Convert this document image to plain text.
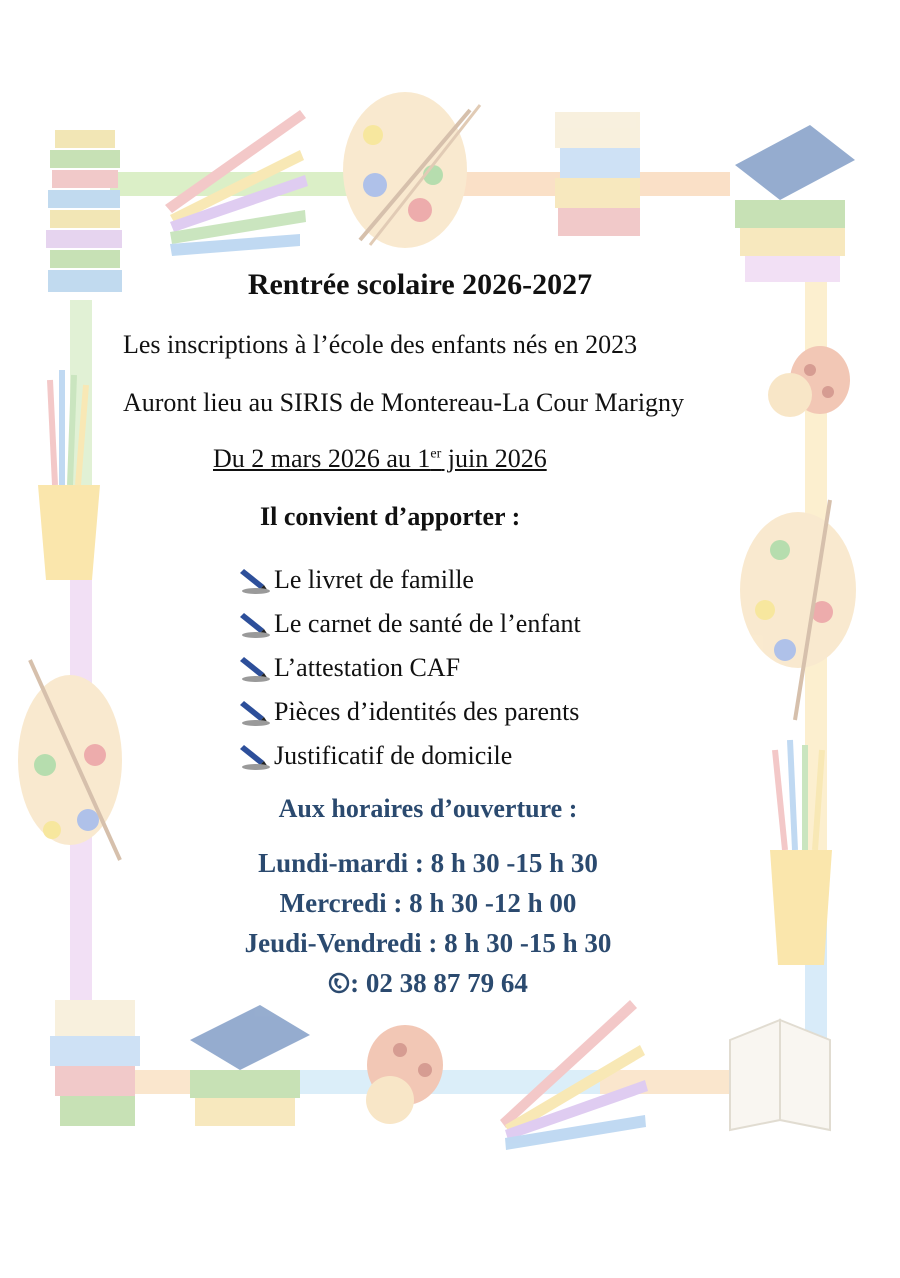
Rentrée scolaire 2026-2027

Les inscriptions à l’école des enfants nés en 2023

Auront lieu au SIRIS de Montereau-La Cour Marigny

Du 2 mars 2026 au 1er juin 2026

Il convient d’apporter :

Le livret de famille
Le carnet de santé de l’enfant
L’attestation CAF
Pièces d’identités des parents
Justificatif de domicile

Aux horaires d’ouverture :

Lundi-mardi : 8 h 30 -15 h 30

Mercredi : 8 h 30 -12 h 00

Jeudi-Vendredi : 8 h 30 -15 h 30

: 02 38 87 79 64
